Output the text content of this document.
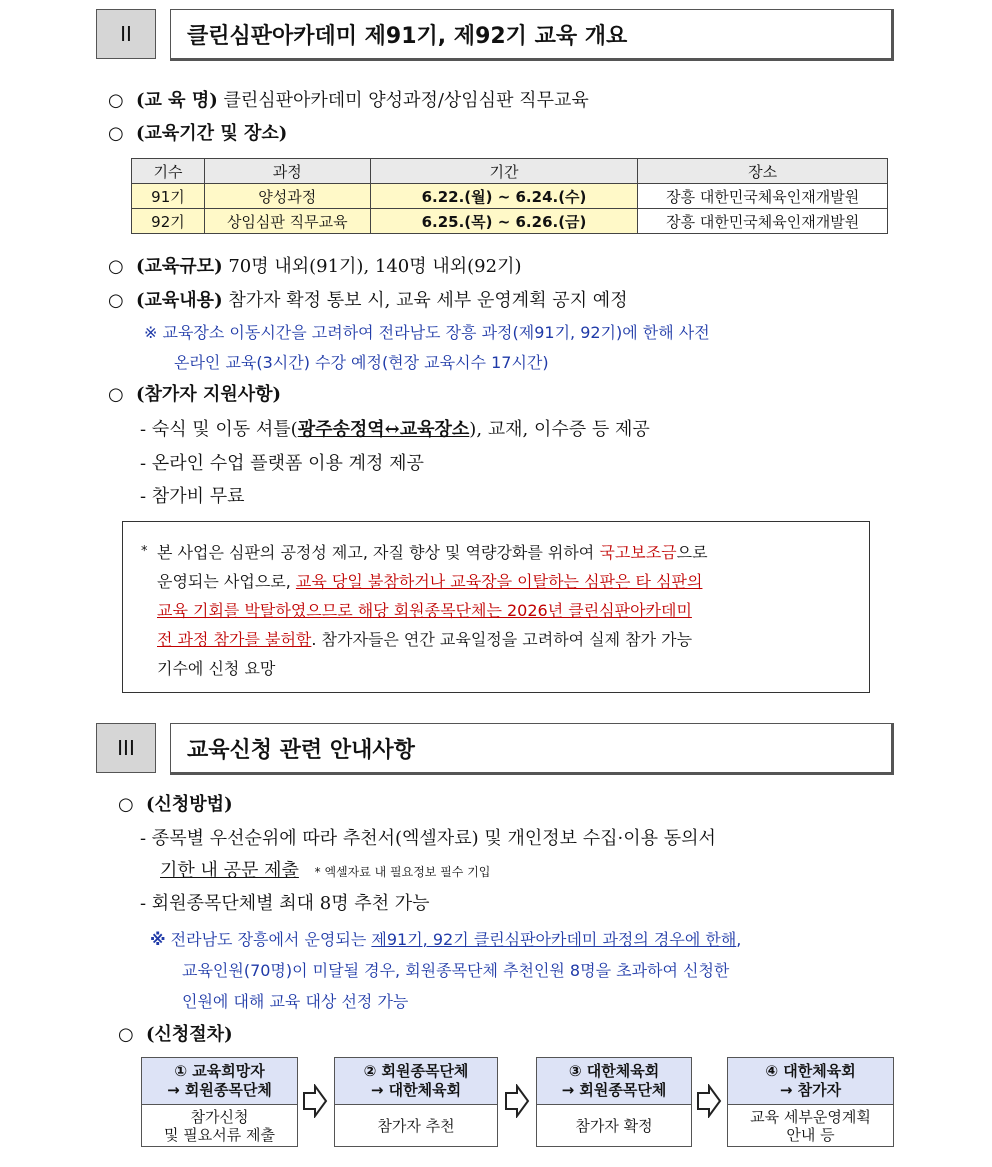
II	클린심판아카데미 제91기, 제92기 교육 개요
○ (교 육 명) 클린심판아카데미 양성과정/상임심판 직무교육
○ (교육기간 및 장소)
기수	과정	기간	장소
91기	양성과정	6.22.(월) ~ 6.24.(수)	장흥 대한민국체육인재개발원
92기	상임심판 직무교육	6.25.(목) ~ 6.26.(금)	장흥 대한민국체육인재개발원
○ (교육규모) 70명 내외(91기), 140명 내외(92기)
○ (교육내용) 참가자 확정 통보 시, 교육 세부 운영계획 공지 예정
※ 교육장소 이동시간을 고려하여 전라남도 장흥 과정(제91기, 92기)에 한해 사전
온라인 교육(3시간) 수강 예정(현장 교육시수 17시간)
○ (참가자 지원사항)
- 숙식 및 이동 셔틀(광주송정역↔교육장소), 교재, 이수증 등 제공
- 온라인 수업 플랫폼 이용 계정 제공
- 참가비 무료
* 본 사업은 심판의 공정성 제고, 자질 향상 및 역량강화를 위하여 국고보조금으로
운영되는 사업으로, 교육 당일 불참하거나 교육장을 이탈하는 심판은 타 심판의
교육 기회를 박탈하였으므로 해당 회원종목단체는 2026년 클린심판아카데미
전 과정 참가를 불허함. 참가자들은 연간 교육일정을 고려하여 실제 참가 가능
기수에 신청 요망
III	교육신청 관련 안내사항
○ (신청방법)
- 종목별 우선순위에 따라 추천서(엑셀자료) 및 개인정보 수집·이용 동의서
기한 내 공문 제출 * 엑셀자료 내 필요정보 필수 기입
- 회원종목단체별 최대 8명 추천 가능
※ 전라남도 장흥에서 운영되는 제91기, 92기 클린심판아카데미 과정의 경우에 한해,
교육인원(70명)이 미달될 경우, 회원종목단체 추천인원 8명을 초과하여 신청한
인원에 대해 교육 대상 선정 가능
○ (신청절차)
① 교육희망자
→ 회원종목단체
참가신청
및 필요서류 제출
② 회원종목단체
→ 대한체육회
참가자 추천
③ 대한체육회
→ 회원종목단체
참가자 확정
④ 대한체육회
→ 참가자
교육 세부운영계획
안내 등
